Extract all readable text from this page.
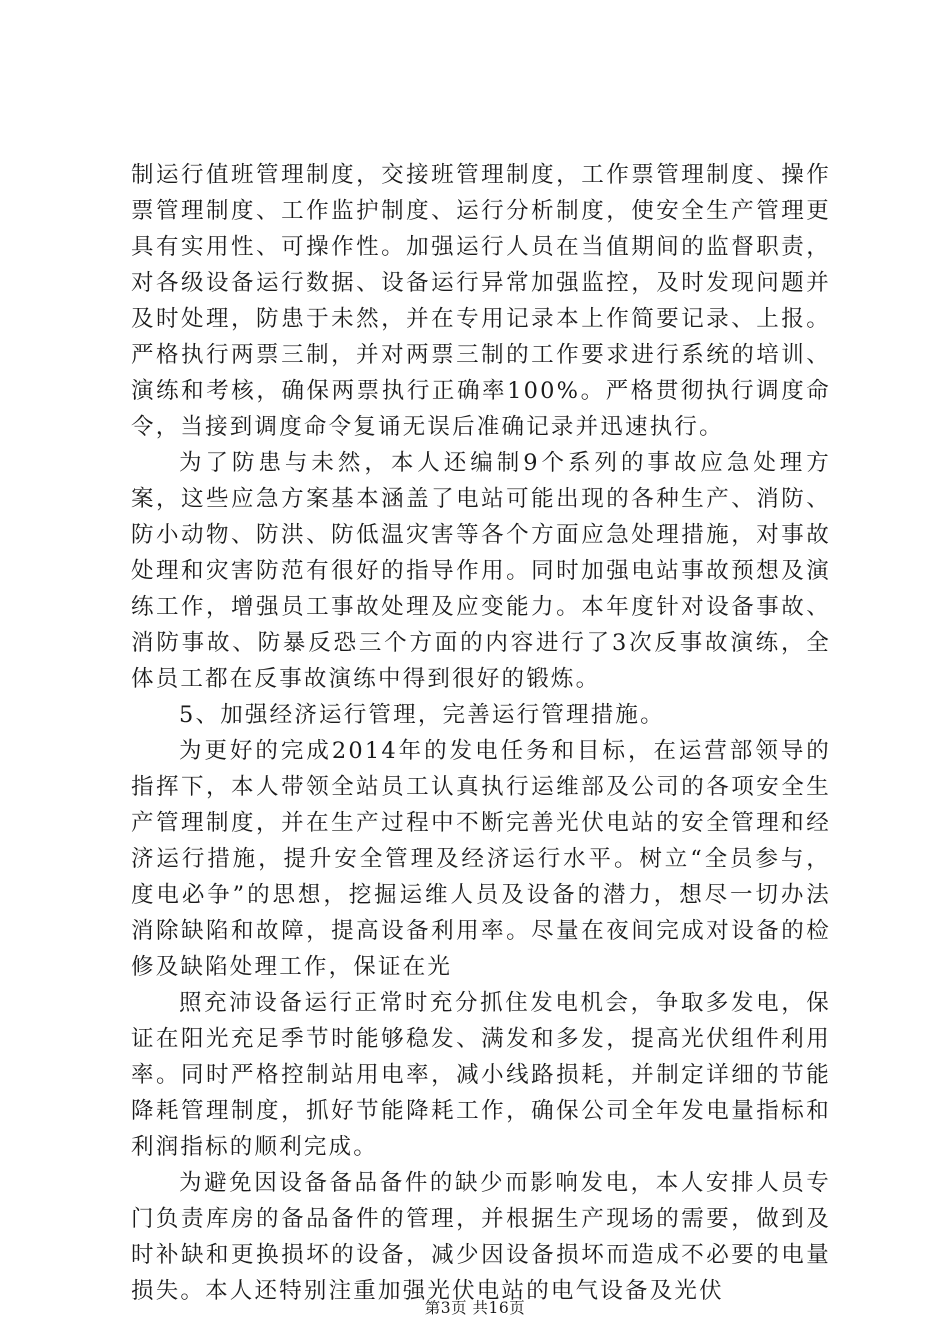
制运行值班管理制度，交接班管理制度，工作票管理制度、操作票管理制度、工作监护制度、运行分析制度，使安全生产管理更具有实用性、可操作性。加强运行人员在当值期间的监督职责，对各级设备运行数据、设备运行异常加强监控，及时发现问题并及时处理，防患于未然，并在专用记录本上作简要记录、上报。严格执行两票三制，并对两票三制的工作要求进行系统的培训、演练和考核，确保两票执行正确率100%。严格贯彻执行调度命令，当接到调度命令复诵无误后准确记录并迅速执行。

为了防患与未然，本人还编制9个系列的事故应急处理方案，这些应急方案基本涵盖了电站可能出现的各种生产、消防、防小动物、防洪、防低温灾害等各个方面应急处理措施，对事故处理和灾害防范有很好的指导作用。同时加强电站事故预想及演练工作，增强员工事故处理及应变能力。本年度针对设备事故、消防事故、防暴反恐三个方面的内容进行了3次反事故演练，全体员工都在反事故演练中得到很好的锻炼。

5、加强经济运行管理，完善运行管理措施。

为更好的完成2014年的发电任务和目标，在运营部领导的指挥下，本人带领全站员工认真执行运维部及公司的各项安全生产管理制度，并在生产过程中不断完善光伏电站的安全管理和经济运行措施，提升安全管理及经济运行水平。树立“全员参与，度电必争”的思想，挖掘运维人员及设备的潜力，想尽一切办法消除缺陷和故障，提高设备利用率。尽量在夜间完成对设备的检修及缺陷处理工作，保证在光

照充沛设备运行正常时充分抓住发电机会，争取多发电，保证在阳光充足季节时能够稳发、满发和多发，提高光伏组件利用率。同时严格控制站用电率，减小线路损耗，并制定详细的节能降耗管理制度，抓好节能降耗工作，确保公司全年发电量指标和利润指标的顺利完成。

为避免因设备备品备件的缺少而影响发电，本人安排人员专门负责库房的备品备件的管理，并根据生产现场的需要，做到及时补缺和更换损坏的设备，减少因设备损坏而造成不必要的电量损失。本人还特别注重加强光伏电站的电气设备及光伏

第3页 共16页
